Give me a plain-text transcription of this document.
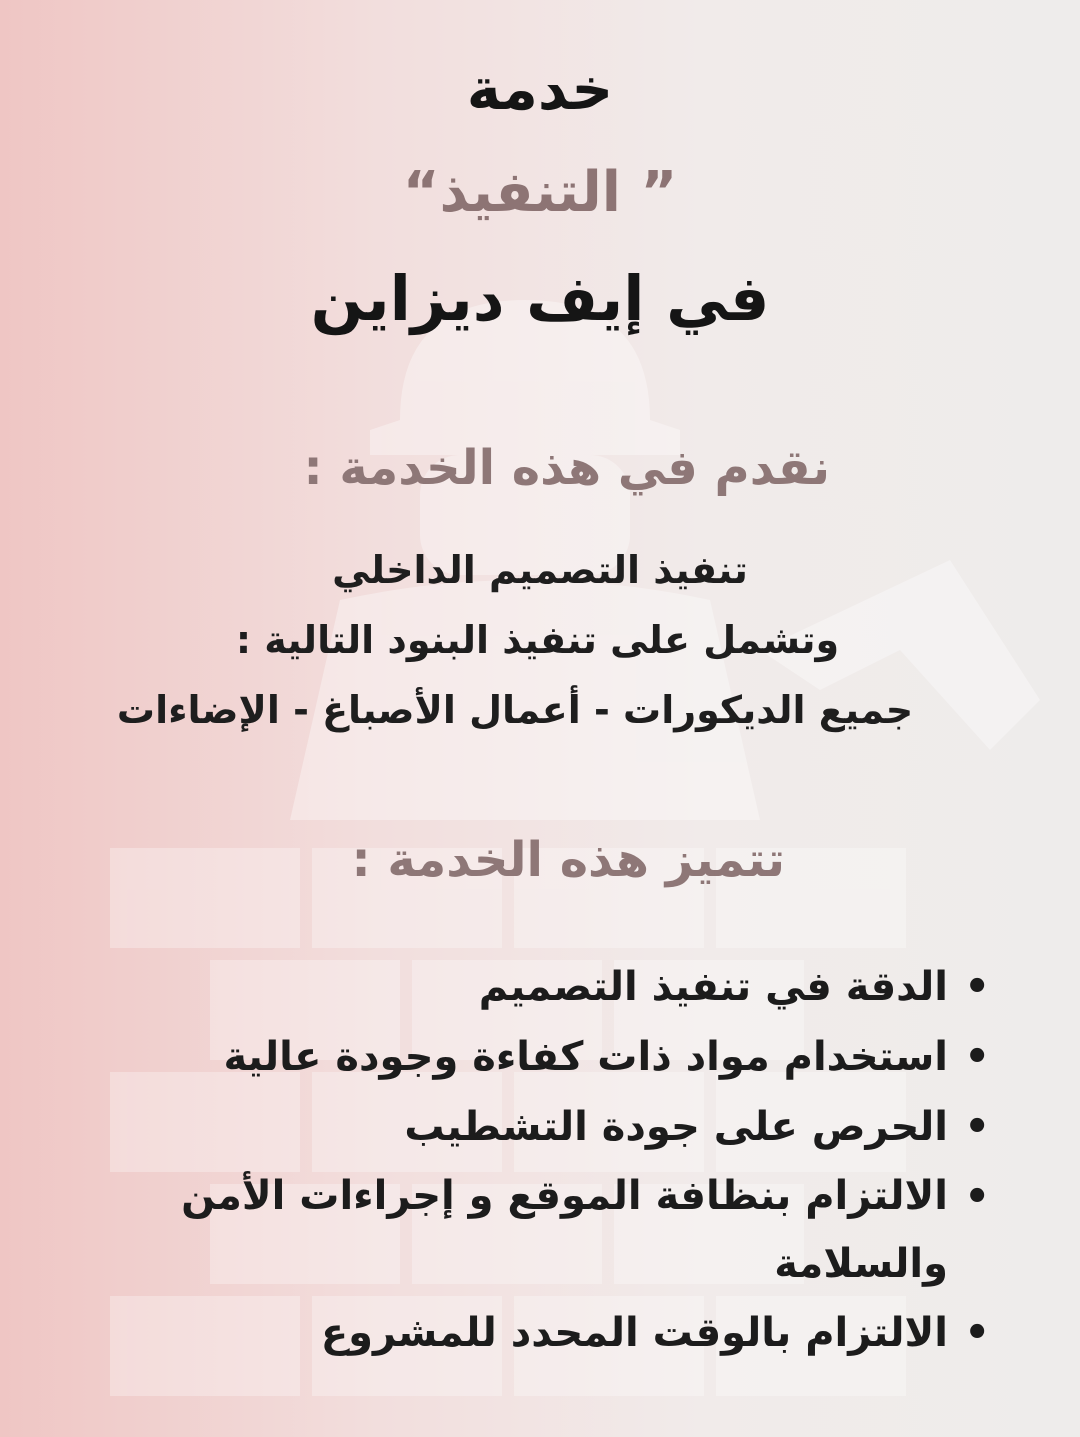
خدمة
” التنفيذ“
في إيف ديزاين
نقدم في هذه الخدمة :
تنفيذ التصميم الداخلي
وتشمل على تنفيذ البنود التالية :
جميع الديكورات - أعمال الأصباغ - الإضاءات
تتميز هذه الخدمة :
•
الدقة في تنفيذ التصميم
•
استخدام مواد ذات كفاءة وجودة عالية
•
الحرص على جودة التشطيب
•
الالتزام بنظافة الموقع و إجراءات الأمن والسلامة
•
الالتزام بالوقت المحدد للمشروع
